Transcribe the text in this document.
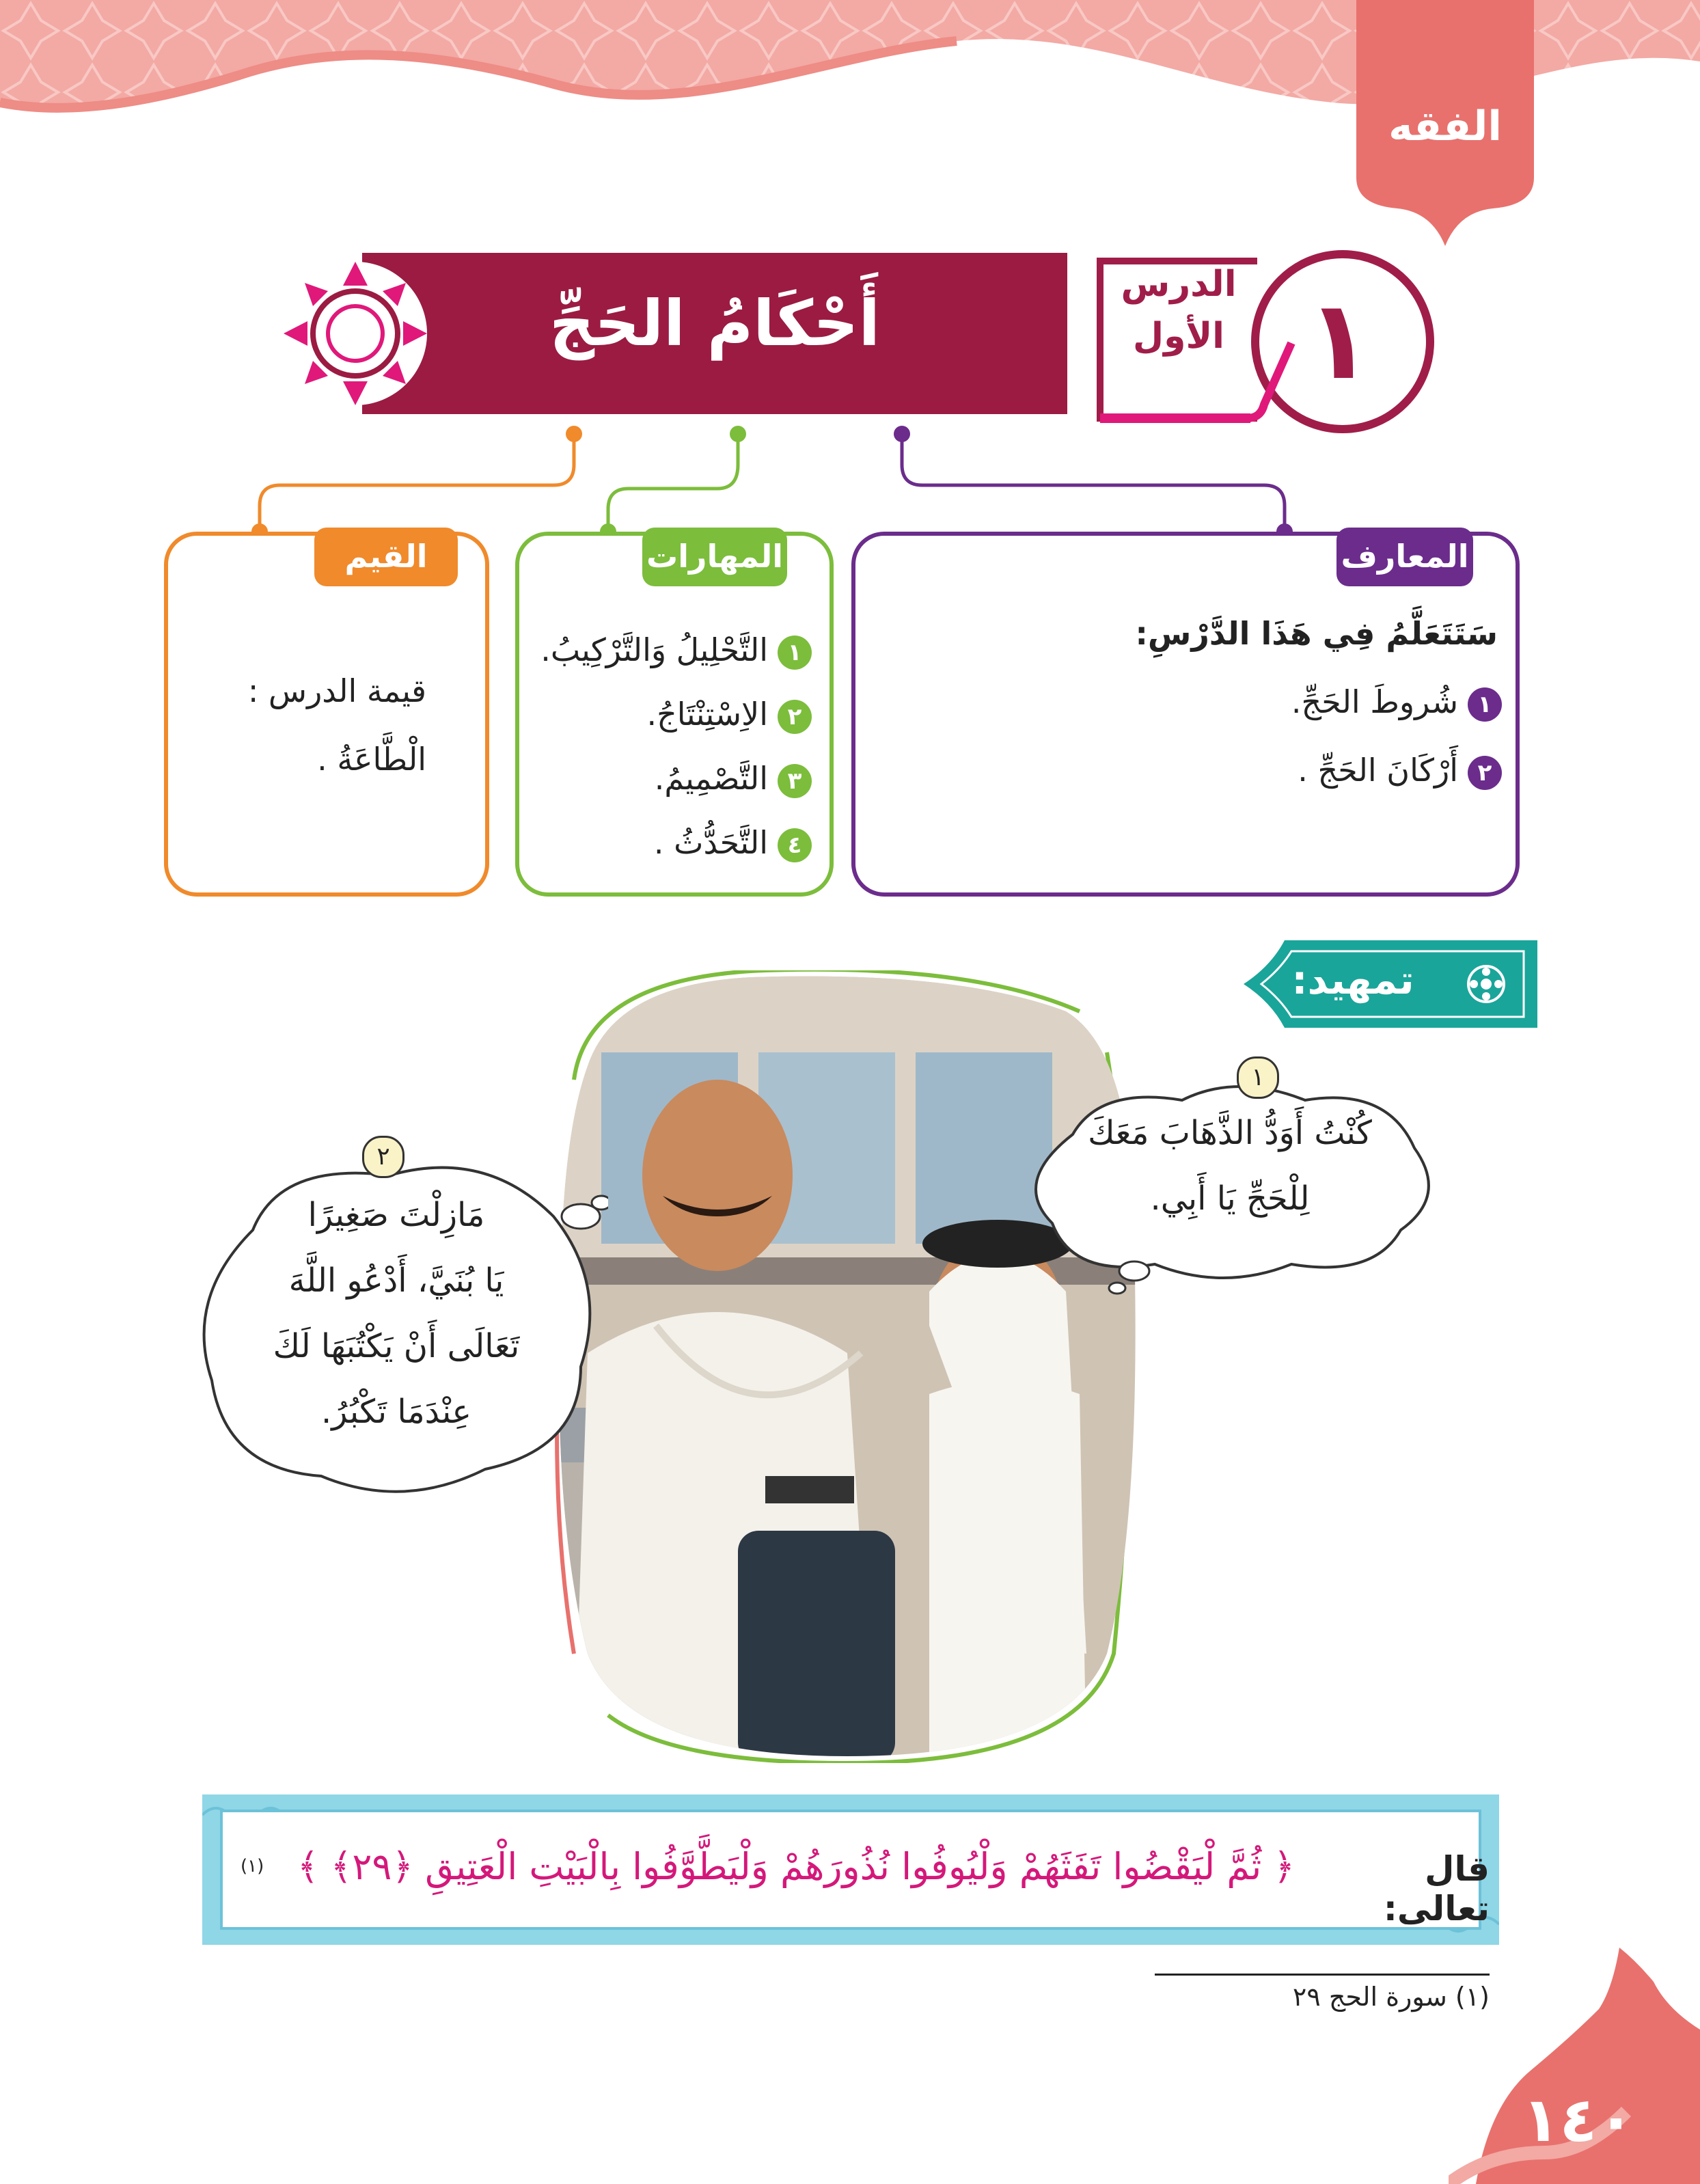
الفقه
١
الدرس
الأول
أَحْكَامُ الحَجِّ
المعارف
سَتَتَعَلَّمُ فِي هَذَا الدَّرْسِ:
١شُروطَ الحَجِّ.
٢أَرْكَانَ الحَجِّ .
المهارات
١التَّحْلِيلُ وَالتَّرْكِيبُ.
٢الاِسْتِنْتَاجُ.
٣التَّصْمِيمُ.
٤التَّحَدُّثُ .
القيم
قيمة الدرس :
الْطَّاعَةُ .
تمهيد:
١
كُنْتُ أَوَدُّ الذَّهَابَ مَعَكَ
لِلْحَجِّ يَا أَبِي.
٢
مَازِلْتَ صَغِيرًا
يَا بُنَيَّ، أَدْعُو اللَّهَ
تَعَالَى أَنْ يَكْتُبَهَا لَكَ
عِنْدَمَا تَكْبُرُ.
قال تعالى:
﴿ ثُمَّ لْيَقْضُوا تَفَثَهُمْ وَلْيُوفُوا نُذُورَهُمْ وَلْيَطَّوَّفُوا بِالْبَيْتِ الْعَتِيقِ ﴿٢٩﴾ ﴾
(١)
(١) سورة الحج ٢٩
١٤٠
